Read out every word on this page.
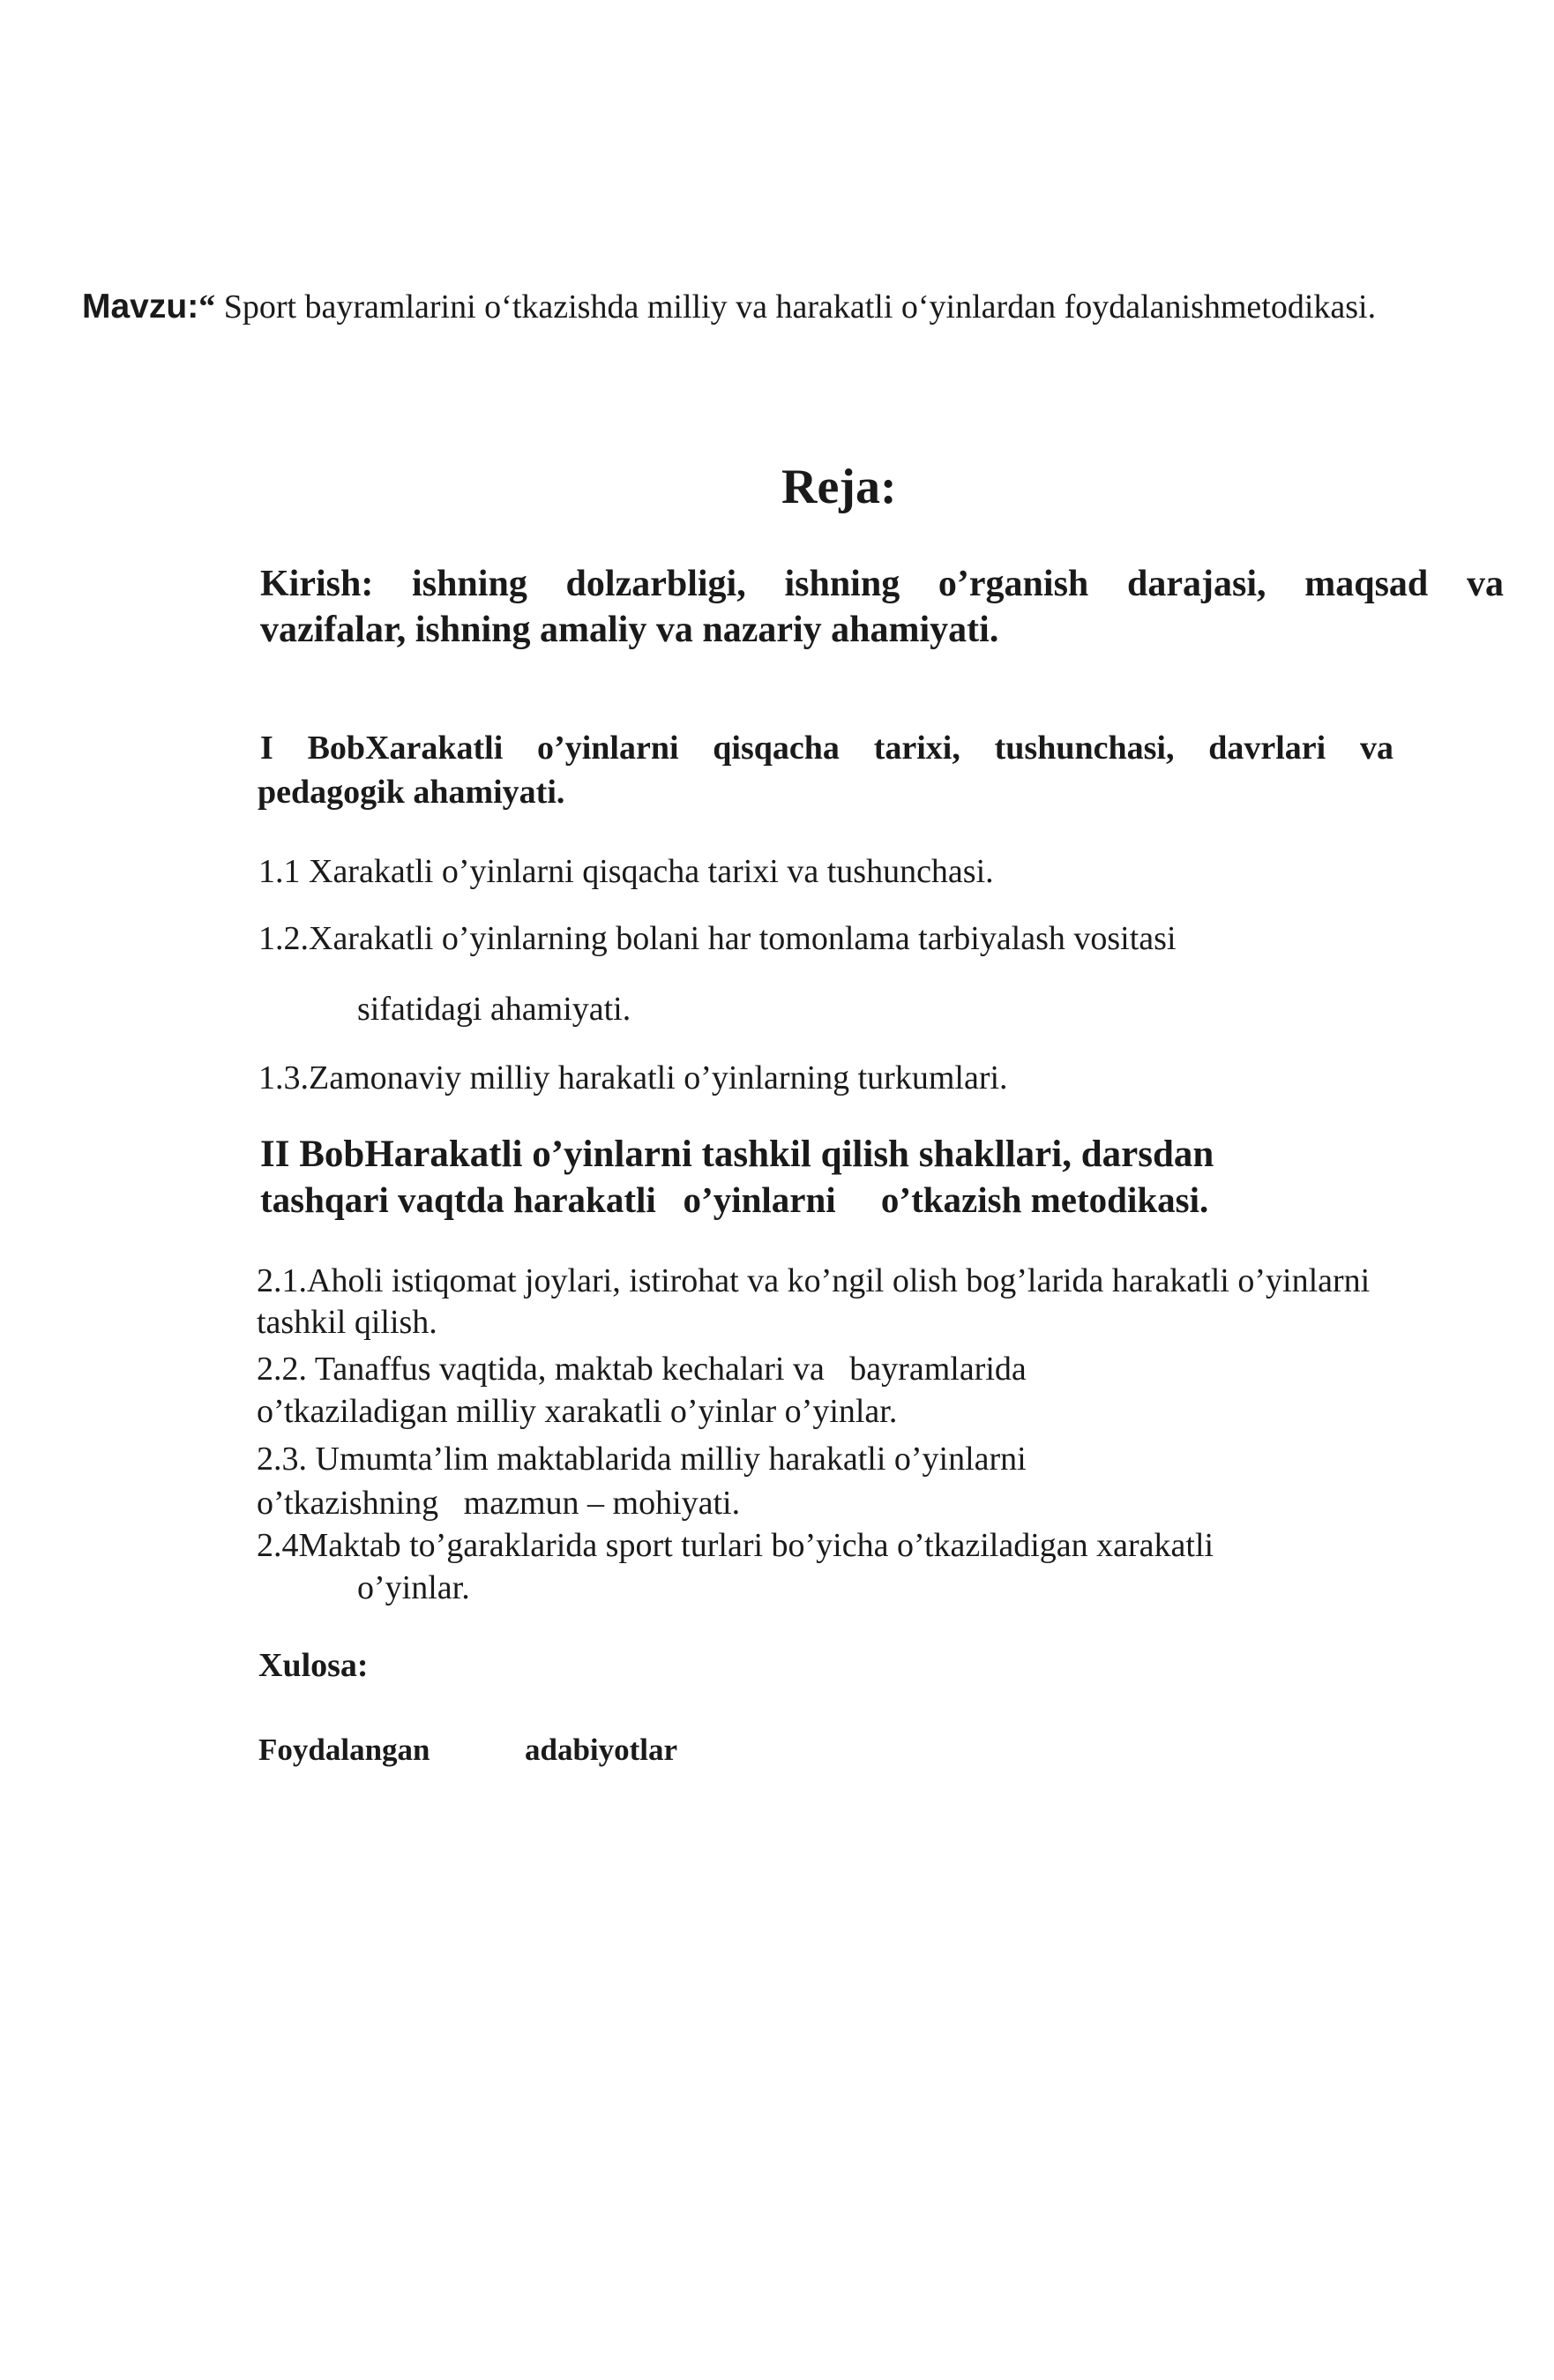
Mavzu:“ Sport bayramlarini o‘tkazishda milliy va harakatli o‘yinlardan foydalanishmetodikasi.
Reja:
Kirish: ishning dolzarbligi, ishning o’rganish darajasi, maqsad va
vazifalar, ishning amaliy va nazariy ahamiyati.
I BobXarakatli o’yinlarni qisqacha tarixi, tushunchasi, davrlari va
pedagogik ahamiyati.
1.1 Xarakatli o’yinlarni qisqacha tarixi va tushunchasi.
1.2.Xarakatli o’yinlarning bolani har tomonlama tarbiyalash vositasi
sifatidagi ahamiyati.
1.3.Zamonaviy milliy harakatli o’yinlarning turkumlari.
II BobHarakatli o’yinlarni tashkil qilish shakllari, darsdan
tashqari vaqtda harakatli   o’yinlarni     o’tkazish metodikasi.
2.1.Aholi istiqomat joylari, istirohat va ko’ngil olish bog’larida harakatli o’yinlarni
tashkil qilish.
2.2. Tanaffus vaqtida, maktab kechalari va   bayramlarida
o’tkaziladigan milliy xarakatli o’yinlar o’yinlar.
2.3. Umumta’lim maktablarida milliy harakatli o’yinlarni
o’tkazishning   mazmun – mohiyati.
2.4Maktab to’garaklarida sport turlari bo’yicha o’tkaziladigan xarakatli
o’yinlar.
Xulosa:
Foydalangan	adabiyotlar
